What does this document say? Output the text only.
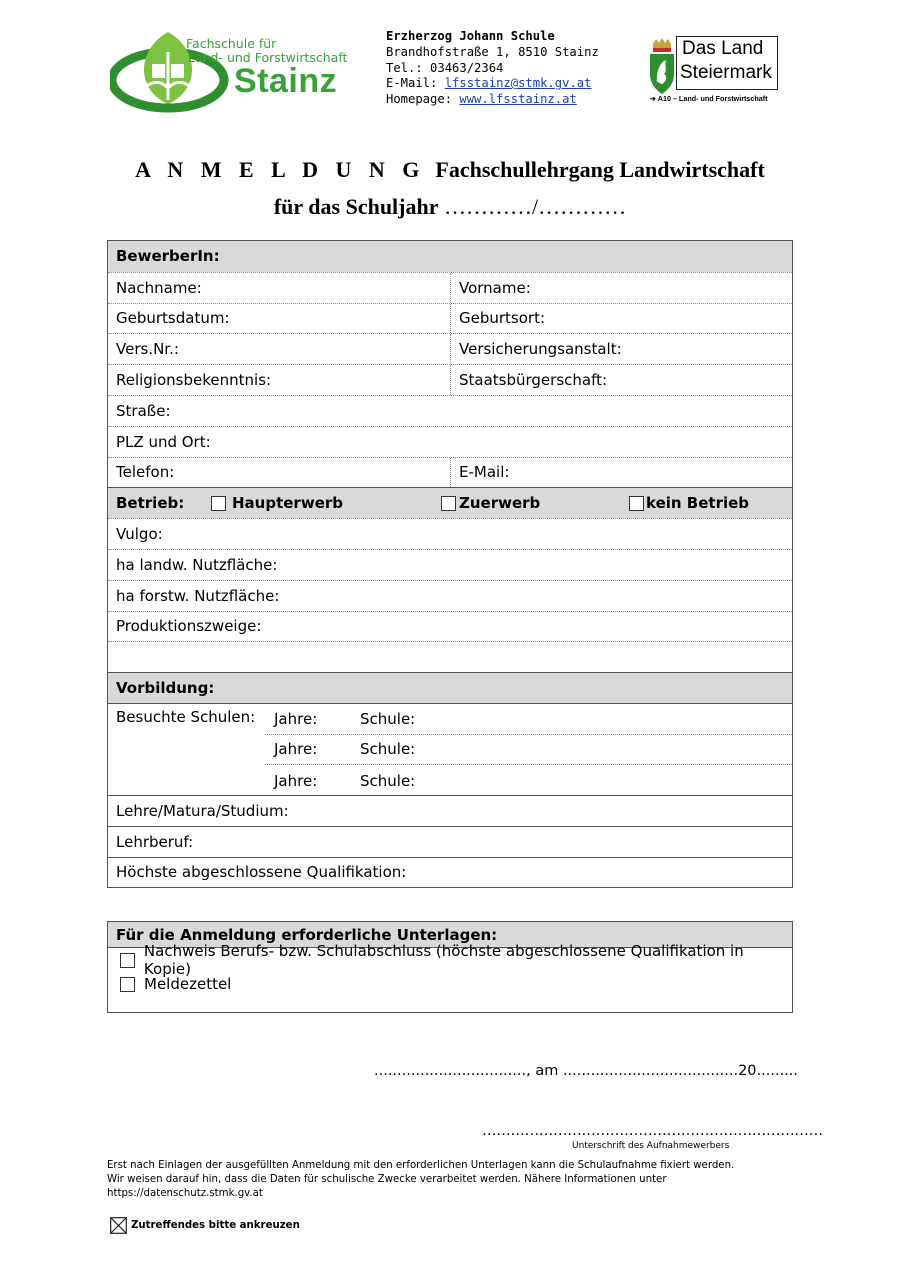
Fachschule für
Land- und Forstwirtschaft
Stainz
Erzherzog Johann Schule
Brandhofstraße 1, 8510 Stainz
Tel.: 03463/2364
E-Mail: lfsstainz@stmk.gv.at
Homepage: www.lfsstainz.at
Das Land
Steiermark
➔ A10 – Land- und Forstwirtschaft
A N M E L D U N G Fachschullehrgang Landwirtschaft
für das Schuljahr …………/…………
BewerberIn:
Nachname:	Vorname:
Geburtsdatum:	Geburtsort:
Vers.Nr.:	Versicherungsanstalt:
Religionsbekenntnis:	Staatsbürgerschaft:
Straße:
PLZ und Ort:
Telefon:	E-Mail:
Betrieb:	Haupterwerb	Zuerwerb	kein Betrieb
Vulgo:
ha landw. Nutzfläche:
ha forstw. Nutzfläche:
Produktionszweige:
Vorbildung:
Besuchte Schulen:	Jahre:	Schule:
Jahre:	Schule:
Jahre:	Schule:
Lehre/Matura/Studium:
Lehrberuf:
Höchste abgeschlossene Qualifikation:
Für die Anmeldung erforderliche Unterlagen:
Nachweis Berufs- bzw. Schulabschluss (höchste abgeschlossene Qualifikation in Kopie)
Meldezettel
................................., am ......................................20.........
………………………………………………………………
Unterschrift des Aufnahmewerbers
Erst nach Einlagen der ausgefüllten Anmeldung mit den erforderlichen Unterlagen kann die Schulaufnahme fixiert werden.
Wir weisen darauf hin, dass die Daten für schulische Zwecke verarbeitet werden. Nähere Informationen unter
https://datenschutz.stmk.gv.at
Zutreffendes bitte ankreuzen
